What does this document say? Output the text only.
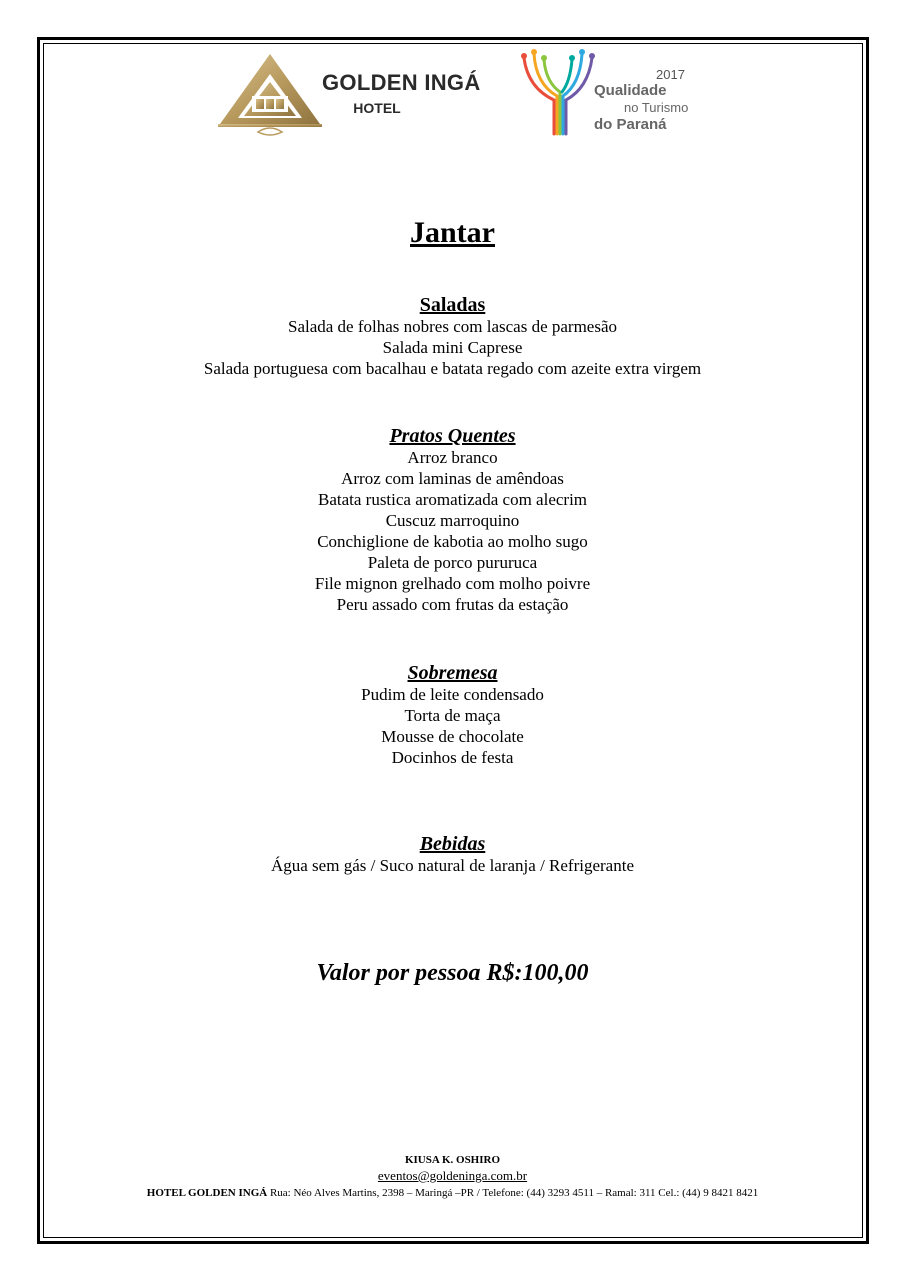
GOLDEN INGÁ
HOTEL
2017
Qualidade
no Turismo
do Paraná
Jantar
Saladas
Salada de folhas nobres com lascas de parmesão
Salada mini Caprese
Salada portuguesa com bacalhau e batata regado com azeite extra virgem
Pratos Quentes
Arroz branco
Arroz com laminas de amêndoas
Batata rustica aromatizada com alecrim
Cuscuz marroquino
Conchiglione de kabotia ao molho sugo
Paleta de porco pururuca
File mignon grelhado com molho poivre
Peru assado com frutas da estação
Sobremesa
Pudim de leite condensado
Torta de maça
Mousse de chocolate
Docinhos de festa
Bebidas
Água sem gás / Suco natural de laranja / Refrigerante
Valor por pessoa R$:100,00
KIUSA K. OSHIRO
eventos@goldeninga.com.br
HOTEL GOLDEN INGÁ Rua: Néo Alves Martins, 2398 – Maringá –PR / Telefone: (44) 3293 4511 – Ramal: 311 Cel.: (44) 9 8421 8421
